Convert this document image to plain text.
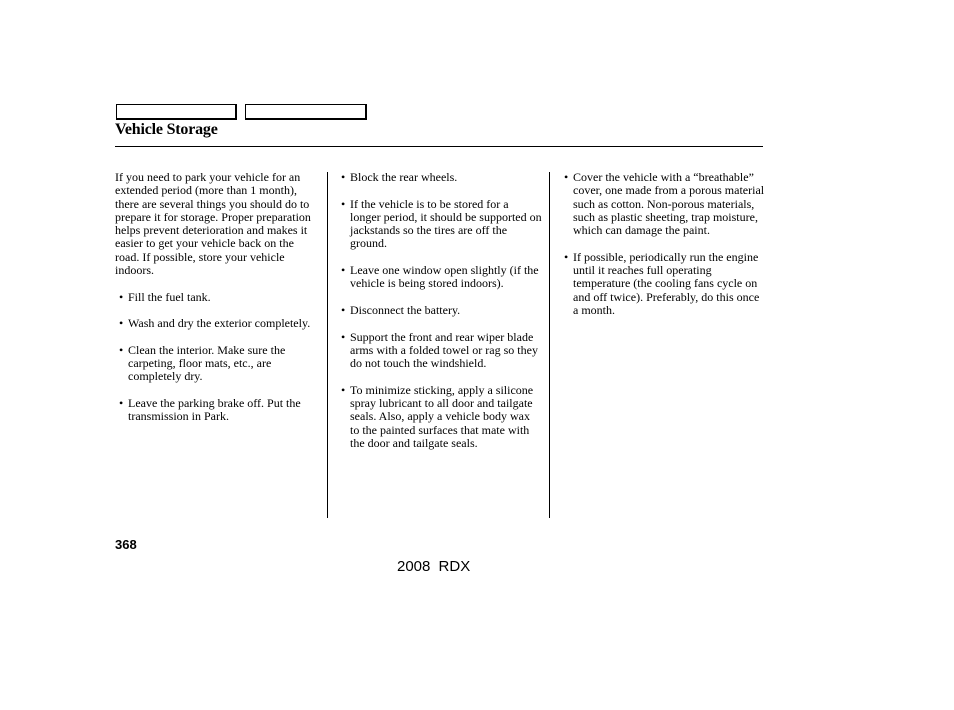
Vehicle Storage

If you need to park your vehicle for an extended period (more than 1 month), there are several things you should do to prepare it for storage. Proper preparation helps prevent deterioration and makes it easier to get your vehicle back on the road. If possible, store your vehicle indoors.

• Fill the fuel tank.
• Wash and dry the exterior completely.
• Clean the interior. Make sure the carpeting, floor mats, etc., are completely dry.
• Leave the parking brake off. Put the transmission in Park.
• Block the rear wheels.
• If the vehicle is to be stored for a longer period, it should be supported on jackstands so the tires are off the ground.
• Leave one window open slightly (if the vehicle is being stored indoors).
• Disconnect the battery.
• Support the front and rear wiper blade arms with a folded towel or rag so they do not touch the windshield.
• To minimize sticking, apply a silicone spray lubricant to all door and tailgate seals. Also, apply a vehicle body wax to the painted surfaces that mate with the door and tailgate seals.
• Cover the vehicle with a “breathable” cover, one made from a porous material such as cotton. Non-porous materials, such as plastic sheeting, trap moisture, which can damage the paint.
• If possible, periodically run the engine until it reaches full operating temperature (the cooling fans cycle on and off twice). Preferably, do this once a month.
368
2008 RDX
